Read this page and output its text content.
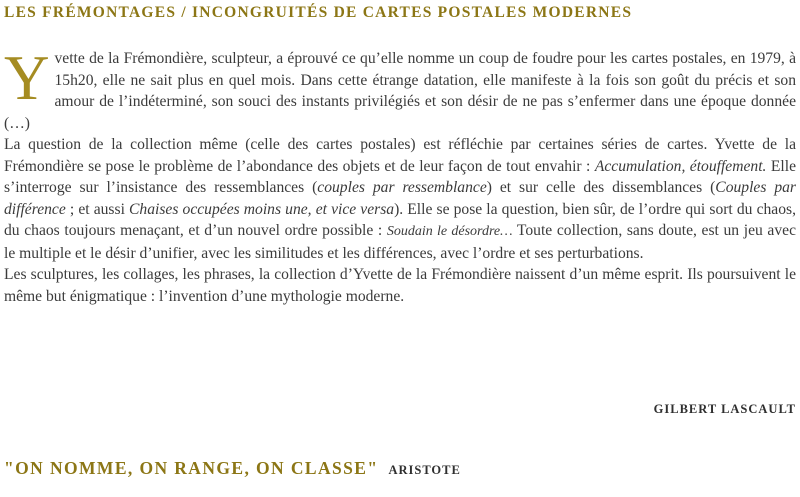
LES FRÉMONTAGES / INCONGRUITÉS DE CARTES POSTALES MODERNES

Yvette de la Frémondière, sculpteur, a éprouvé ce qu’elle nomme un coup de foudre pour les cartes postales, en 1979, à 15h20, elle ne sait plus en quel mois. Dans cette étrange datation, elle manifeste à la fois son goût du précis et son amour de l’indéterminé, son souci des instants privilégiés et son désir de ne pas s’enfermer dans une époque donnée (…)

La question de la collection même (celle des cartes postales) est réfléchie par certaines séries de cartes. Yvette de la Frémondière se pose le problème de l’abondance des objets et de leur façon de tout envahir : Accumulation, étouffement. Elle s’interroge sur l’insistance des ressemblances (couples par ressemblance) et sur celle des dissemblances (Couples par différence ; et aussi Chaises occupées moins une, et vice versa). Elle se pose la question, bien sûr, de l’ordre qui sort du chaos, du chaos toujours menaçant, et d’un nouvel ordre possible : Soudain le désordre… Toute collection, sans doute, est un jeu avec le multiple et le désir d’unifier, avec les similitudes et les différences, avec l’ordre et ses perturbations.

Les sculptures, les collages, les phrases, la collection d’Yvette de la Frémondière naissent d’un même esprit. Ils poursuivent le même but énigmatique : l’invention d’une mythologie moderne.

GILBERT LASCAULT
"ON NOMME, ON RANGE, ON CLASSE" ARISTOTE
